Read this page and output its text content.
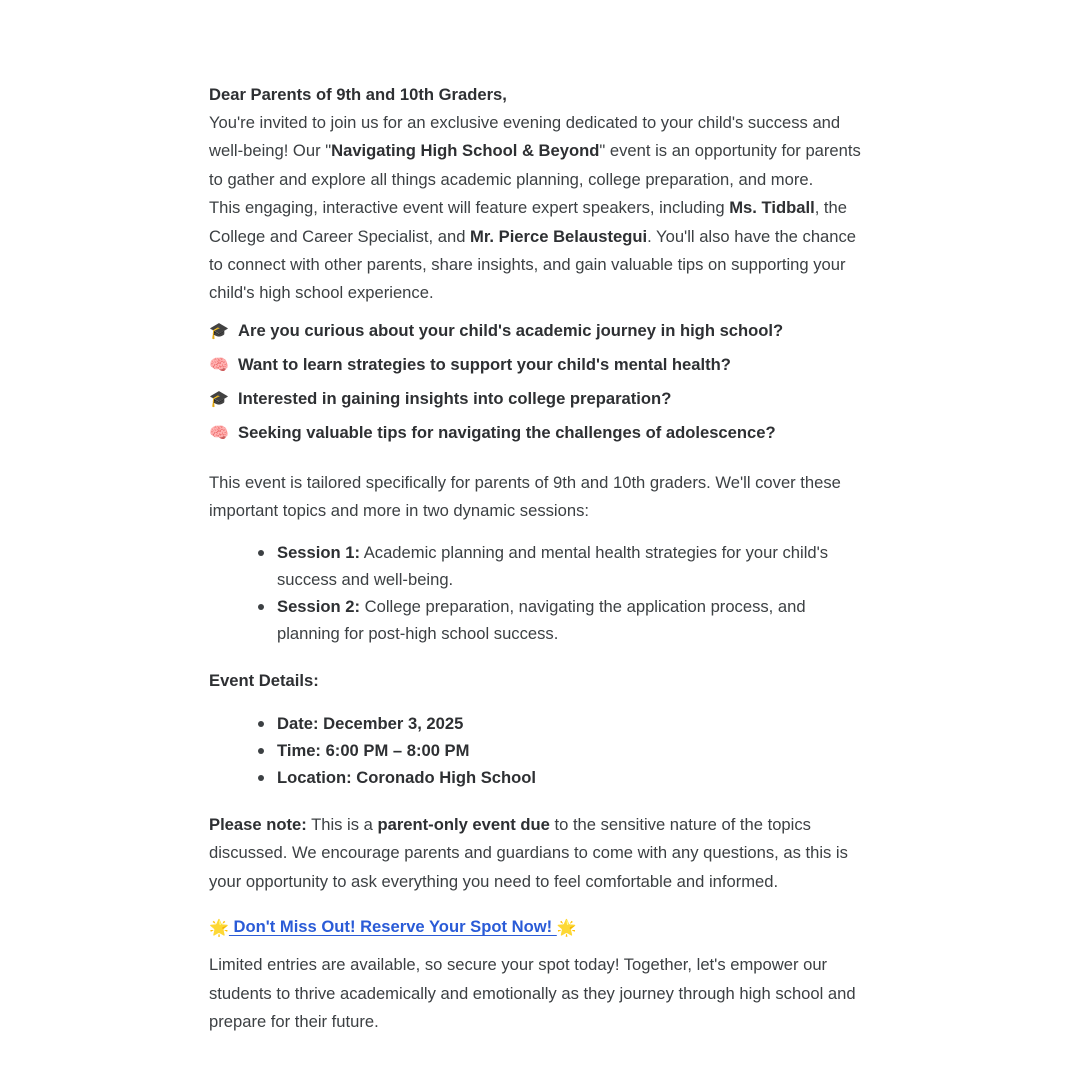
Dear Parents of 9th and 10th Graders,

You're invited to join us for an exclusive evening dedicated to your child's success and well-being! Our "Navigating High School & Beyond" event is an opportunity for parents to gather and explore all things academic planning, college preparation, and more.

This engaging, interactive event will feature expert speakers, including Ms. Tidball, the College and Career Specialist, and Mr. Pierce Belaustegui. You'll also have the chance to connect with other parents, share insights, and gain valuable tips on supporting your child's high school experience.

🎓 Are you curious about your child's academic journey in high school?
🧠 Want to learn strategies to support your child's mental health?
🎓 Interested in gaining insights into college preparation?
🧠 Seeking valuable tips for navigating the challenges of adolescence?

This event is tailored specifically for parents of 9th and 10th graders. We'll cover these important topics and more in two dynamic sessions:

Session 1: Academic planning and mental health strategies for your child's success and well-being.
Session 2: College preparation, navigating the application process, and planning for post-high school success.

Event Details:

Date: December 3, 2025
Time: 6:00 PM – 8:00 PM
Location: Coronado High School

Please note: This is a parent-only event due to the sensitive nature of the topics discussed. We encourage parents and guardians to come with any questions, as this is your opportunity to ask everything you need to feel comfortable and informed.

🌟 Don't Miss Out! Reserve Your Spot Now! 🌟

Limited entries are available, so secure your spot today! Together, let's empower our students to thrive academically and emotionally as they journey through high school and prepare for their future.
